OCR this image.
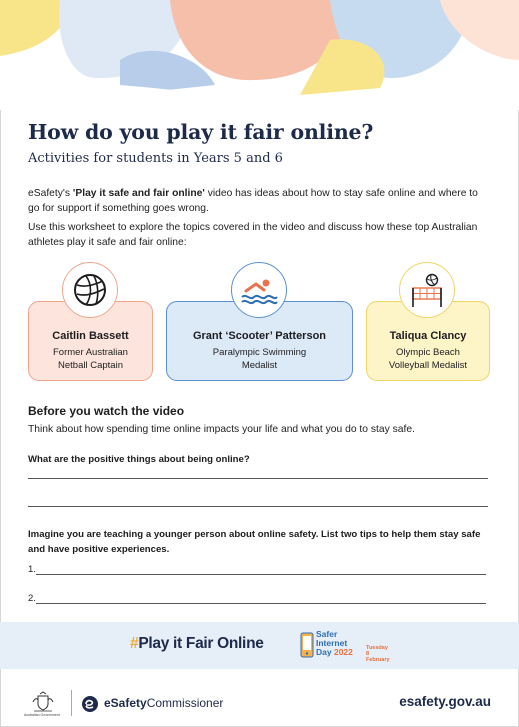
How do you play it fair online?

Activities for students in Years 5 and 6

eSafety's 'Play it safe and fair online' video has ideas about how to stay safe online and where to go for support if something goes wrong.

Use this worksheet to explore the topics covered in the video and discuss how these top Australian athletes play it safe and fair online:

Caitlin Bassett
Former Australian
Netball Captain
Grant ‘Scooter’ Patterson
Paralympic Swimming
Medalist
Taliqua Clancy
Olympic Beach
Volleyball Medalist
Before you watch the video

Think about how spending time online impacts your life and what you do to stay safe.

What are the positive things about being online?

Imagine you are teaching a younger person about online safety. List two tips to help them stay safe and have positive experiences.

1.
2.
#Play it Fair Online
Safer
Internet
Day 2022 Tuesday
8 February
Australian Government
eSafetyCommissioner	esafety.gov.au
